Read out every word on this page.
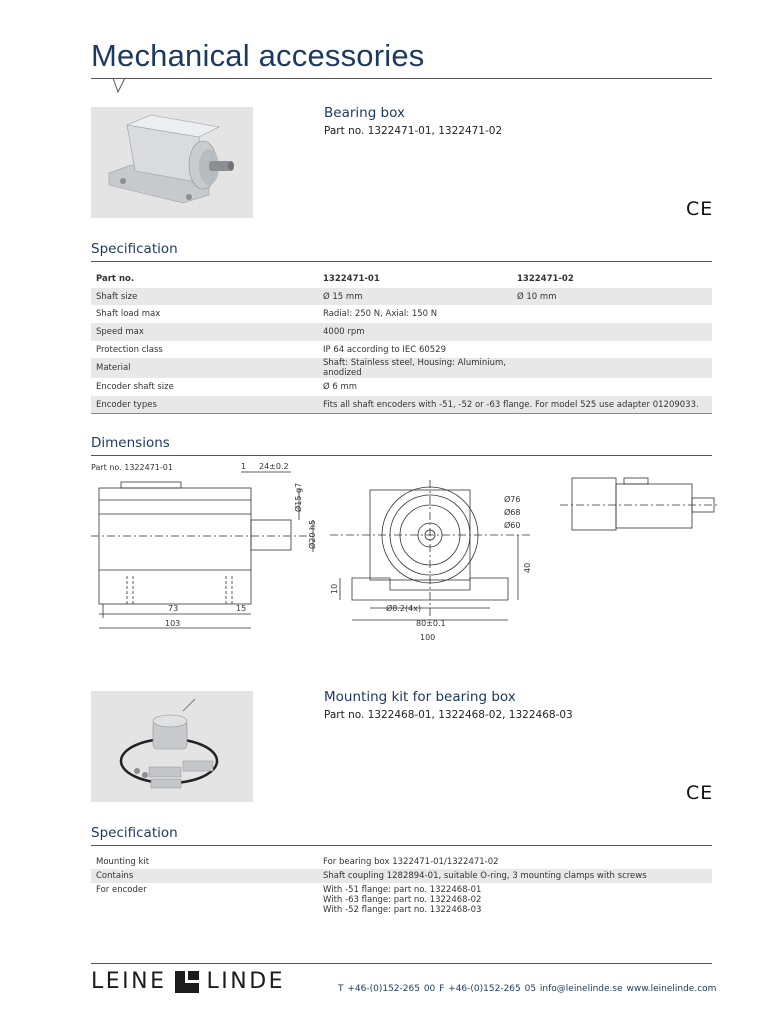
Mechanical accessories
Bearing box
Part no. 1322471-01, 1322471-02
CE
Specification
Part no.	1322471-01	1322471-02
Shaft size	Ø 15 mm	Ø 10 mm
Shaft load max	Radial: 250 N, Axial: 150 N	
Speed max	4000 rpm	
Protection class	IP 64 according to IEC 60529	
Material	Shaft: Stainless steel, Housing: Aluminium, anodized	
Encoder shaft size	Ø 6 mm	
Encoder types	Fits all shaft encoders with -51, -52 or -63 flange. For model 525 use adapter 01209033.	
Dimensions
Part no. 1322471-01	1 24±0.2
Ø15 g7
Ø20 h5
73	15
103
Ø76
Ø68
Ø60
40
10
Ø8.2(4x)
80±0.1
100
Mounting kit for bearing box
Part no. 1322468-01, 1322468-02, 1322468-03
CE
Specification
Mounting kit	For bearing box 1322471-01/1322471-02

Contains	Shaft coupling 1282894-01, suitable O-ring, 3 mounting clamps with screws

For encoder	With -51 flange: part no. 1322468-01
With -63 flange: part no. 1322468-02
With -52 flange: part no. 1322468-03
LEINE LINDE	T +46-(0)152-265 00 F +46-(0)152-265 05 info@leinelinde.se www.leinelinde.com
